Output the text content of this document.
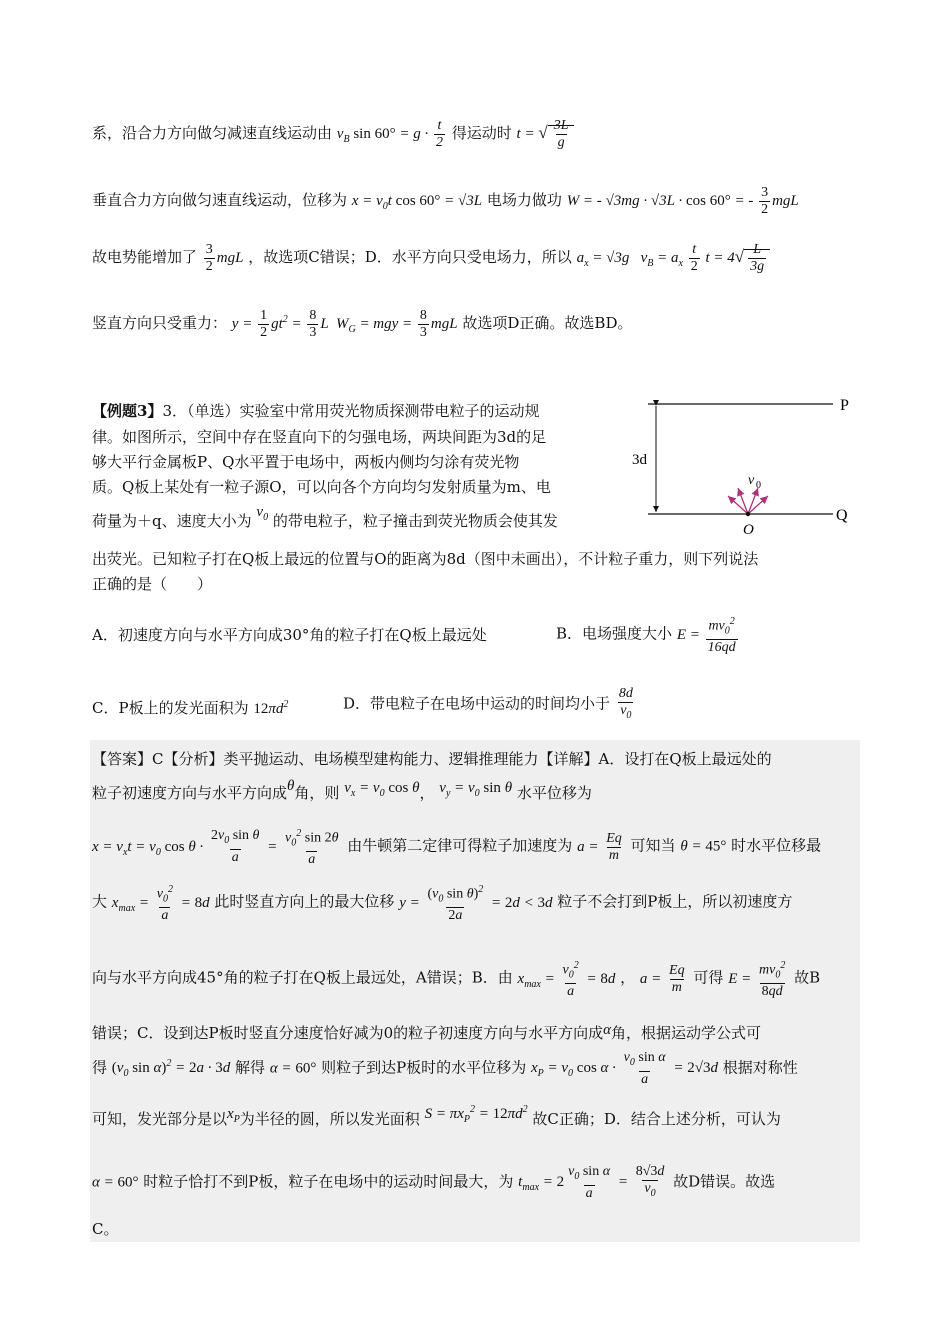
系，沿合力方向做匀减速直线运动由 $v_B$ $\sin 60^\circ = g \cdot \frac{t}{2}$ 得运动时 t = √ $\frac{3L}{g}$
垂直合力方向做匀速直线运动，位移为 $x = v_0t$ cos 60° = √3L 电场力做功 W = - √3mg · √3L · cos 60° = - $\frac{3}{2}$ mgL
故电势能增加了 $\frac{3}{2}$ mgL ，故选项C错误；D．水平方向只受电场力，所以 $a_x = √3g$   $v_B = a_x \frac{t}{2}$ $t = 4√ \frac{L}{3g}$
竖直方向只受重力： $y = \frac{1}{2} gt^2 = \frac{8}{3}$ L  $W_G$ = mgy = $\frac{8}{3}$ mgL 故选项D正确。故选BD。
【例题3】3．（单选）实验室中常用荧光物质探测带电粒子的运动规
律。如图所示，空间中存在竖直向下的匀强电场，两块间距为3d的足
够大平行金属板P、Q水平置于电场中，两板内侧均匀涂有荧光物
质。Q板上某处有一粒子源O，可以向各个方向均匀发射质量为m、电
荷量为＋q、速度大小为 $v_0$ 的带电粒子，粒子撞击到荧光物质会使其发
出荧光。已知粒子打在Q板上最远的位置与O的距离为8d（图中未画出），不计粒子重力，则下列说法
正确的是（　　）
P
Q
3d
v 0
O
A．初速度方向与水平方向成30°角的粒子打在Q板上最远处	B．电场强度大小 $E = \frac{mv_0^2}{16qd}$
C．P板上的发光面积为 $12\pi d^2$	D．带电粒子在电场中运动的时间均小于 $\frac{8d}{v_0}$
【答案】C【分析】类平抛运动、电场模型建构能力、逻辑推理能力【详解】A．设打在Q板上最远处的
粒子初速度方向与水平方向成θ角，则 $v_x = v_0$ cos θ， $v_y = v_0$ sin θ 水平位移为
$x = v_xt = v_0$ $\cos \theta \cdot \frac{2v_0 \sin \theta}{a} = \frac{v_0^2 \sin 2\theta}{a}$ 由牛顿第二定律可得粒子加速度为 $a = \frac{Eq}{m}$ 可知当 θ = 45° 时水平位移最
大 $x_{max} = \frac{v_0^2}{a} = 8d$ 此时竖直方向上的最大位移 $y = \frac{(v_0 \sin \theta)^2}{2a} = 2d < 3d$ 粒子不会打到P板上，所以初速度方
向与水平方向成45°角的粒子打在Q板上最远处，A错误；B．由 $x_{max} = \frac{v_0^2}{a} = 8d$ ， $a = \frac{Eq}{m}$ 可得 $E = \frac{mv_0^2}{8qd}$ 故B
错误；C．设到达P板时竖直分速度恰好减为0的粒子初速度方向与水平方向成α角，根据运动学公式可
得 ($v_0$ sin α)$^2$ = 2a · 3d 解得 α = 60° 则粒子到达P板时的水平位移为 $x_P = v_0$ $\cos \alpha \cdot \frac{v_0 \sin \alpha}{a} = 2√3d$ 根据对称性
可知，发光部分是以$x_P$为半径的圆，所以发光面积 $S = \pi x_P^2 = 12\pi d^2$ 故C正确；D．结合上述分析，可认为
α = 60° 时粒子恰打不到P板，粒子在电场中的运动时间最大，为 $t_{max} = 2 \frac{v_0 \sin \alpha}{a} = \frac{8√3d}{v_0}$ 故D错误。故选
C。
